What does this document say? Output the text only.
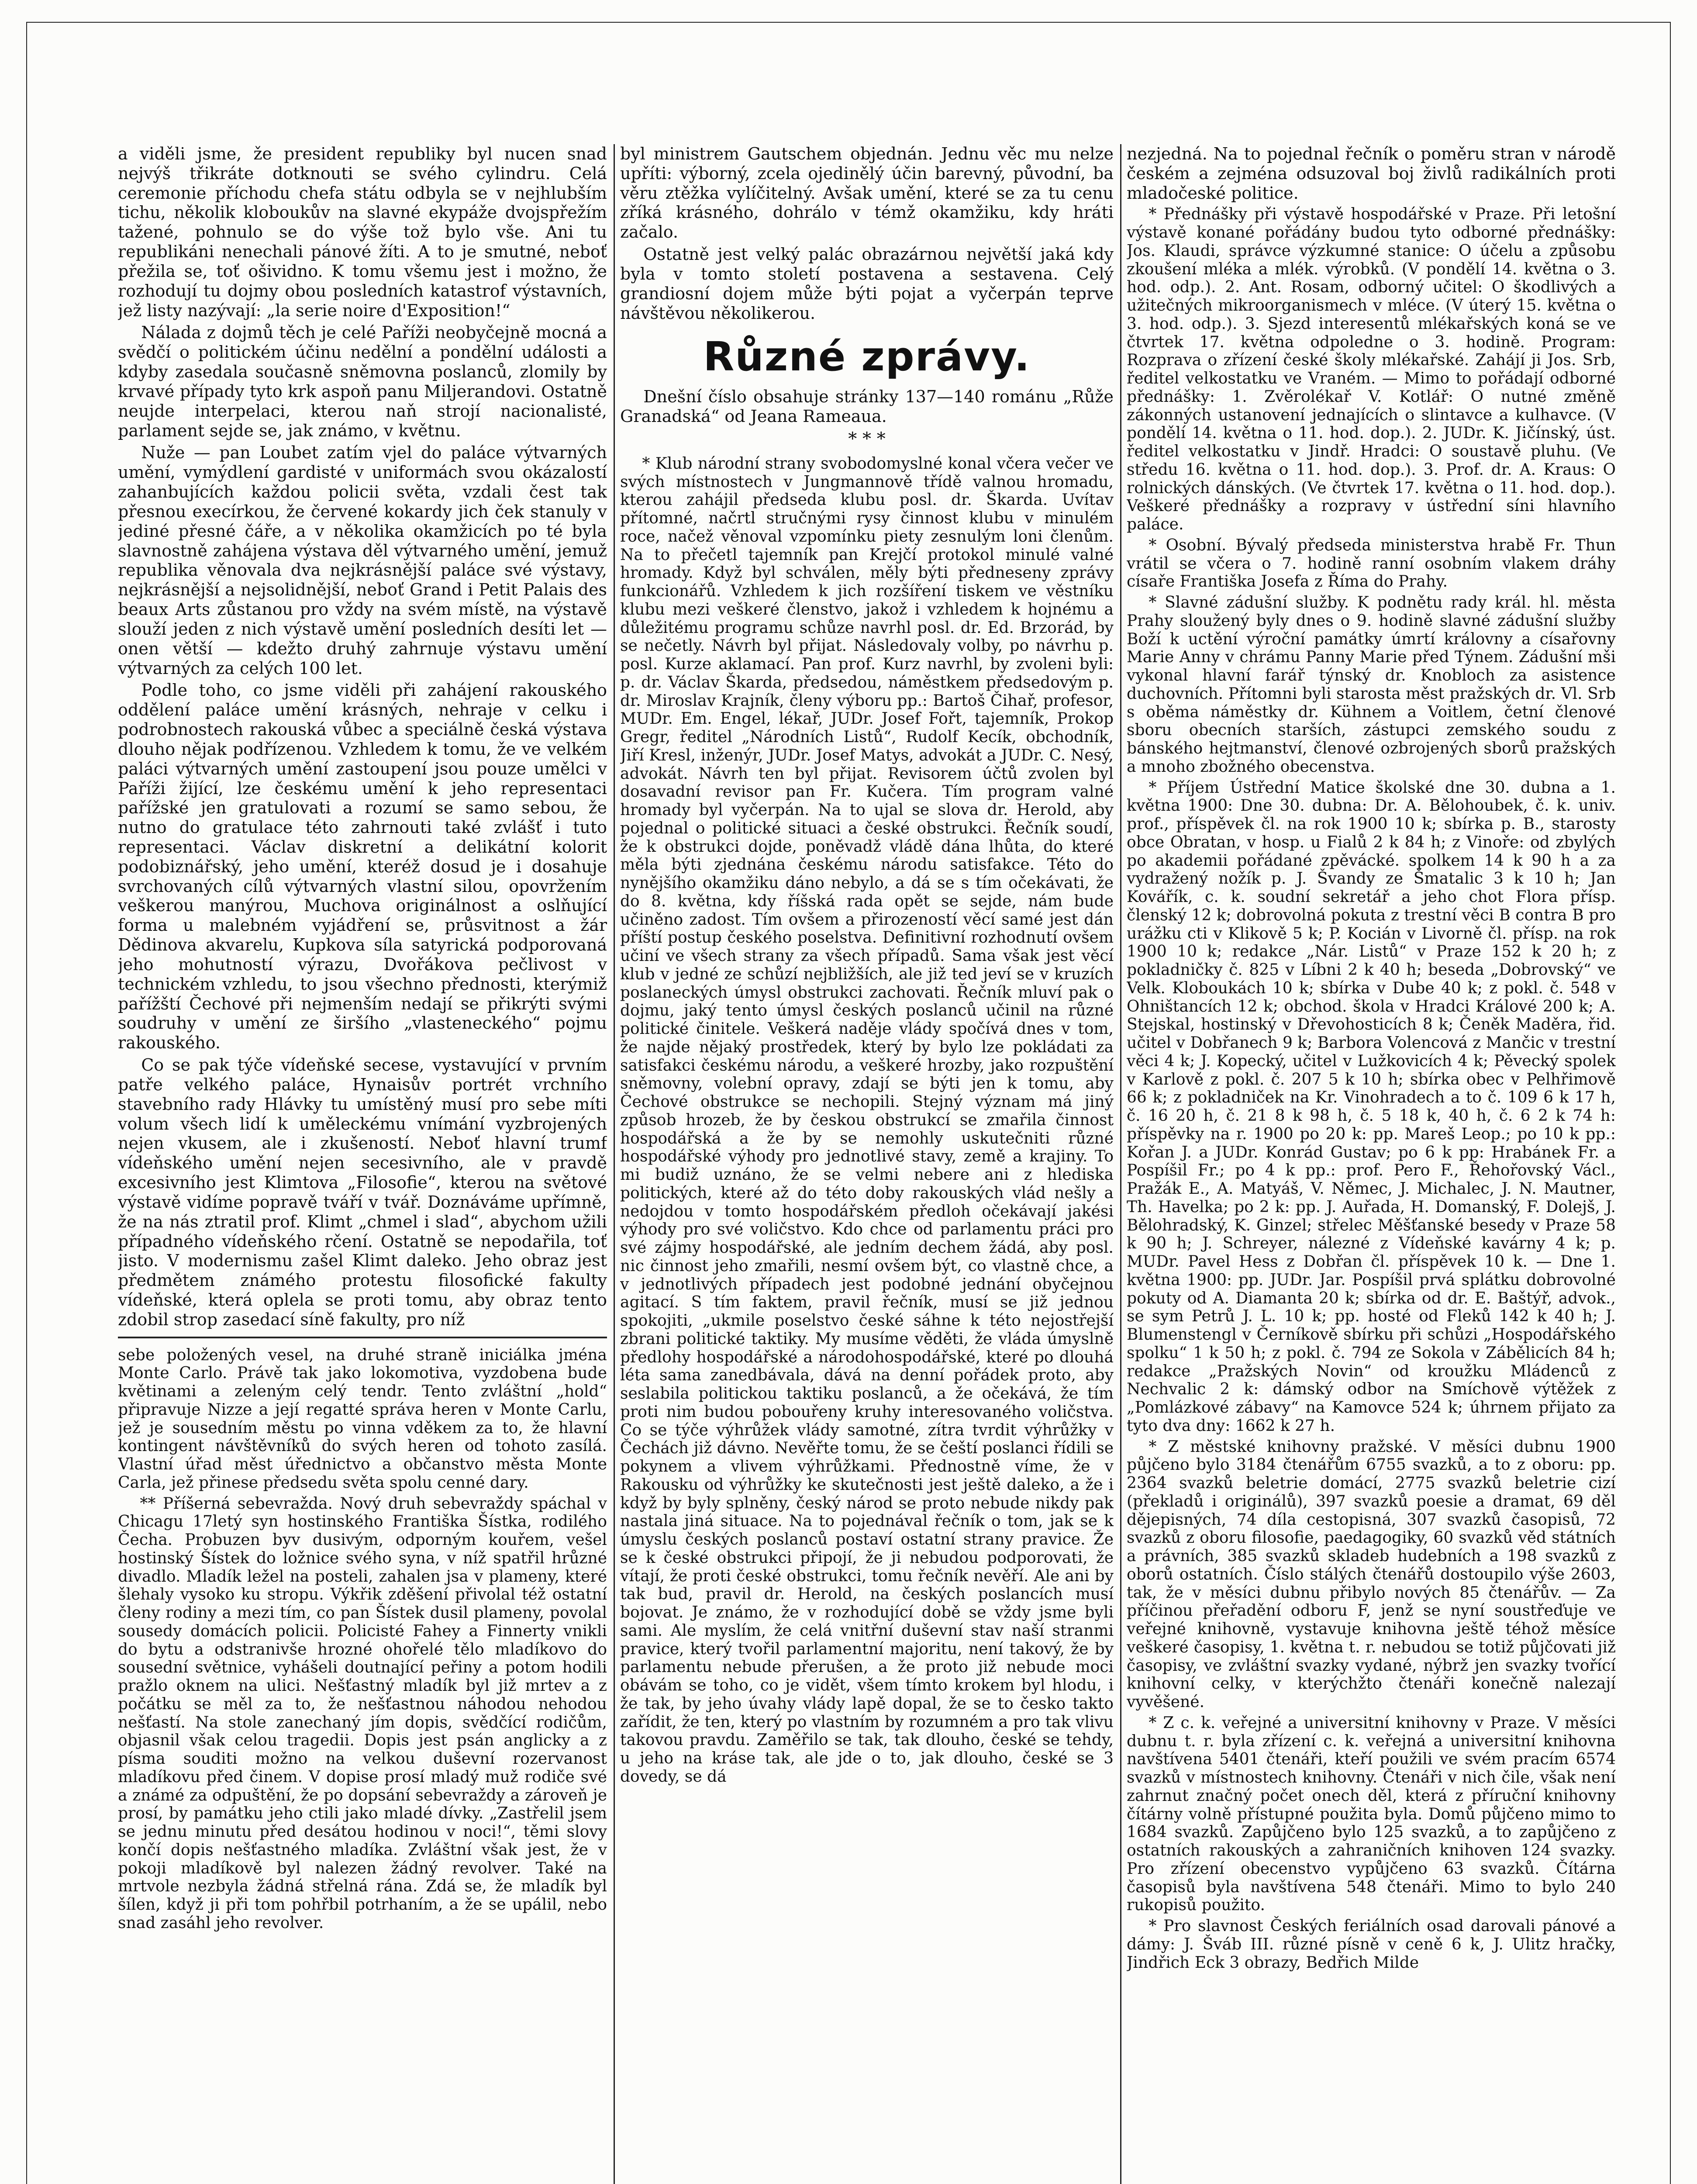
a viděli jsme, že president republiky byl nucen snad nejvýš třikráte dotknouti se svého cylindru. Celá ceremonie příchodu chefa státu odbyla se v nejhlubším tichu, několik kloboukův na slavné ekypáže dvojspřežím tažené, pohnulo se do výše tož bylo vše. Ani tu republikáni nenechali pánové žíti. A to je smutné, neboť přežila se, toť ošividno. K tomu všemu jest i možno, že rozhodují tu dojmy obou posledních katastrof výstavních, jež listy nazývají: „la serie noire d'Exposition!“

Nálada z dojmů těch je celé Paříži neobyčejně mocná a svědčí o politickém účinu nedělní a pondělní události a kdyby zasedala současně sněmovna poslanců, zlomily by krvavé případy tyto krk aspoň panu Miljerandovi. Ostatně neujde interpelaci, kterou naň strojí nacionalisté, parlament sejde se, jak známo, v květnu.

Nuže — pan Loubet zatím vjel do paláce výtvarných umění, vymýdlení gardisté v uniformách svou okázalostí zahanbujících každou policii světa, vzdali čest tak přesnou execírkou, že červené kokardy jich ček stanuly v jediné přesné čáře, a v několika okamžicích po té byla slavnostně zahájena výstava děl výtvarného umění, jemuž republika věnovala dva nejkrásnější paláce své výstavy, nejkrásnější a nejsolidnější, neboť Grand i Petit Palais des beaux Arts zůstanou pro vždy na svém místě, na výstavě slouží jeden z nich výstavě umění posledních desíti let — onen větší — kdežto druhý zahrnuje výstavu umění výtvarných za celých 100 let.

Podle toho, co jsme viděli při zahájení rakouského oddělení paláce umění krásných, nehraje v celku i podrobnostech rakouská vůbec a speciálně česká výstava dlouho nějak podřízenou. Vzhledem k tomu, že ve velkém paláci výtvarných umění zastoupení jsou pouze umělci v Paříži žijící, lze českému umění k jeho representaci pařížské jen gratulovati a rozumí se samo sebou, že nutno do gratulace této zahrnouti také zvlášť i tuto representaci. Václav diskretní a delikátní kolorit podobiznářský, jeho umění, kteréž dosud je i dosahuje svrchovaných cílů výtvarných vlastní silou, opovržením veškerou manýrou, Muchova originálnost a oslňující forma u malebném vyjádření se, průsvitnost a žár Dědinova akvarelu, Kupkova síla satyrická podporovaná jeho mohutností výrazu, Dvořákova pečlivost v technickém vzhledu, to jsou všechno přednosti, kterýmiž pařížští Čechové při nejmenším nedají se přikrýti svými soudruhy v umění ze širšího „vlasteneckého“ pojmu rakouského.

Co se pak týče vídeňské secese, vystavující v prvním patře velkého paláce, Hynaisův portrét vrchního stavebního rady Hlávky tu umístěný musí pro sebe míti volum všech lidí k uměleckému vnímání vyzbrojených nejen vkusem, ale i zkušeností. Neboť hlavní trumf vídeňského umění nejen secesivního, ale v pravdě excesivního jest Klimtova „Filosofie“, kterou na světové výstavě vidíme popravě tváří v tvář. Doznáváme upřímně, že na nás ztratil prof. Klimt „chmel i slad“, abychom užili případného vídeňského rčení. Ostatně se nepodařila, toť jisto. V modernismu zašel Klimt daleko. Jeho obraz jest předmětem známého protestu filosofické fakulty vídeňské, která oplela se proti tomu, aby obraz tento zdobil strop zasedací síně fakulty, pro níž

sebe položených vesel, na druhé straně iniciálka jména Monte Carlo. Právě tak jako lokomotiva, vyzdobena bude květinami a zeleným celý tendr. Tento zvláštní „hold“ připravuje Nizze a její regatté správa heren v Monte Carlu, jež je sousedním městu po vinna vděkem za to, že hlavní kontingent návštěvníků do svých heren od tohoto zasílá. Vlastní úřad měst úřednictvo a občanstvo města Monte Carla, jež přinese předsedu světa spolu cenné dary.

** Příšerná sebevražda. Nový druh sebevraždy spáchal v Chicagu 17letý syn hostinského Františka Šístka, rodilého Čecha. Probuzen byv dusivým, odporným kouřem, vešel hostinský Šístek do ložnice svého syna, v níž spatřil hrůzné divadlo. Mladík ležel na posteli, zahalen jsa v plameny, které šlehaly vysoko ku stropu. Výkřik zděšení přivolal též ostatní členy rodiny a mezi tím, co pan Šístek dusil plameny, povolal sousedy domácích policii. Policisté Fahey a Finnerty vnikli do bytu a odstranivše hrozné ohořelé tělo mladíkovo do sousední světnice, vyhášeli doutnající peřiny a potom hodili pražlo oknem na ulici. Nešťastný mladík byl již mrtev a z počátku se měl za to, že nešťastnou náhodou nehodou nešťastí. Na stole zanechaný jím dopis, svědčící rodičům, objasnil však celou tragedii. Dopis jest psán anglicky a z písma souditi možno na velkou duševní rozervanost mladíkovu před činem. V dopise prosí mladý muž rodiče své a známé za odpuštění, že po dopsání sebevraždy a zároveň je prosí, by památku jeho ctili jako mladé dívky. „Zastřelil jsem se jednu minutu před desátou hodinou v noci!“, těmi slovy končí dopis nešťastného mladíka. Zvláštní však jest, že v pokoji mladíkově byl nalezen žádný revolver. Také na mrtvole nezbyla žádná střelná rána. Zdá se, že mladík byl šílen, když ji při tom pohřbil potrhaním, a že se upálil, nebo snad zasáhl jeho revolver.

byl ministrem Gautschem objednán. Jednu věc mu nelze upříti: výborný, zcela ojedinělý účin barevný, původní, ba věru ztěžka vylíčitelný. Avšak umění, které se za tu cenu zříká krásného, dohrálo v témž okamžiku, kdy hráti začalo.

Ostatně jest velký palác obrazárnou největší jaká kdy byla v tomto století postavena a sestavena. Celý grandiosní dojem může býti pojat a vyčerpán teprve návštěvou několikerou.

Různé zprávy.

Dnešní číslo obsahuje stránky 137—140 románu „Růže Granadská“ od Jeana Rameaua.

* * *

* Klub národní strany svobodomyslné konal včera večer ve svých místnostech v Jungmannově třídě valnou hromadu, kterou zahájil předseda klubu posl. dr. Škarda. Uvítav přítomné, načrtl stručnými rysy činnost klubu v minulém roce, načež věnoval vzpomínku piety zesnulým loni členům. Na to přečetl tajemník pan Krejčí protokol minulé valné hromady. Když byl schválen, měly býti předneseny zprávy funkcionářů. Vzhledem k jich rozšíření tiskem ve věstníku klubu mezi veškeré členstvo, jakož i vzhledem k hojnému a důležitému programu schůze navrhl posl. dr. Ed. Brzorád, by se nečetly. Návrh byl přijat. Následovaly volby, po návrhu p. posl. Kurze aklamací. Pan prof. Kurz navrhl, by zvoleni byli: p. dr. Václav Škarda, předsedou, náměstkem předsedovým p. dr. Miroslav Krajník, členy výboru pp.: Bartoš Čihař, profesor, MUDr. Em. Engel, lékař, JUDr. Josef Fořt, tajemník, Prokop Gregr, ředitel „Národních Listů“, Rudolf Kecík, obchodník, Jiří Kresl, inženýr, JUDr. Josef Matys, advokát a JUDr. C. Nesý, advokát. Návrh ten byl přijat. Revisorem účtů zvolen byl dosavadní revisor pan Fr. Kučera. Tím program valné hromady byl vyčerpán. Na to ujal se slova dr. Herold, aby pojednal o politické situaci a české obstrukci. Řečník soudí, že k obstrukci dojde, poněvadž vládě dána lhůta, do které měla býti zjednána českému národu satisfakce. Této do nynějšího okamžiku dáno nebylo, a dá se s tím očekávati, že do 8. května, kdy říšská rada opět se sejde, nám bude učiněno zadost. Tím ovšem a přirozeností věcí samé jest dán příští postup českého poselstva. Definitivní rozhodnutí ovšem učiní ve všech strany za všech případů. Sama však jest věcí klub v jedné ze schůzí nejbližších, ale již ted jeví se v kruzích poslaneckých úmysl obstrukci zachovati. Řečník mluví pak o dojmu, jaký tento úmysl českých poslanců učinil na různé politické činitele. Veškerá naděje vlády spočívá dnes v tom, že najde nějaký prostředek, který by bylo lze pokládati za satisfakci českému národu, a veškeré hrozby, jako rozpuštění sněmovny, volební opravy, zdají se býti jen k tomu, aby Čechové obstrukce se nechopili. Stejný význam má jiný způsob hrozeb, že by českou obstrukcí se zmařila činnost hospodářská a že by se nemohly uskutečniti různé hospodářské výhody pro jednotlivé stavy, země a krajiny. To mi budiž uznáno, že se velmi nebere ani z hlediska politických, které až do této doby rakouských vlád nešly a nedojdou v tomto hospodářském předloh očekávají jakési výhody pro své voličstvo. Kdo chce od parlamentu práci pro své zájmy hospodářské, ale jedním dechem žádá, aby posl. nic činnost jeho zmařili, nesmí ovšem být, co vlastně chce, a v jednotlivých případech jest podobné jednání obyčejnou agitací. S tím faktem, pravil řečník, musí se již jednou spokojiti, „ukmile poselstvo české sáhne k této nejostřejší zbrani politické taktiky. My musíme věděti, že vláda úmyslně předlohy hospodářské a národohospodářské, které po dlouhá léta sama zanedbávala, dává na denní pořádek proto, aby seslabila politickou taktiku poslanců, a že očekává, že tím proti nim budou pobouřeny kruhy interesovaného voličstva. Co se týče výhrůžek vlády samotné, zítra tvrdit výhrůžky v Čechách již dávno. Nevěřte tomu, že se čeští poslanci řídili se pokynem a vlivem výhrůžkami. Přednostně víme, že v Rakousku od výhrůžky ke skutečnosti jest ještě daleko, a že i když by byly splněny, český národ se proto nebude nikdy pak nastala jiná situace. Na to pojednával řečník o tom, jak se k úmyslu českých poslanců postaví ostatní strany pravice. Že se k české obstrukci připojí, že ji nebudou podporovati, že vítají, že proti české obstrukci, tomu řečník nevěří. Ale ani by tak bud, pravil dr. Herold, na českých poslancích musí bojovat. Je známo, že v rozhodující době se vždy jsme byli sami. Ale myslím, že celá vnitřní duševní stav naší stranmi pravice, který tvořil parlamentní majoritu, není takový, že by parlamentu nebude přerušen, a že proto již nebude moci obávám se toho, co je vidět, všem tímto krokem byl hlodu, i že tak, by jeho úvahy vlády lapě dopal, že se to česko takto zařídit, že ten, který po vlastním by rozumném a pro tak vlivu takovou pravdu. Zaměřilo se tak, tak dlouho, české se tehdy, u jeho na kráse tak, ale jde o to, jak dlouho, české se 3 dovedy, se dá

nezjedná. Na to pojednal řečník o poměru stran v národě českém a zejména odsuzoval boj živlů radikálních proti mladočeské politice.

* Přednášky při výstavě hospodářské v Praze. Při letošní výstavě konané pořádány budou tyto odborné přednášky: Jos. Klaudi, správce výzkumné stanice: O účelu a způsobu zkoušení mléka a mlék. výrobků. (V pondělí 14. května o 3. hod. odp.). 2. Ant. Rosam, odborný učitel: O škodlivých a užitečných mikroorganismech v mléce. (V úterý 15. května o 3. hod. odp.). 3. Sjezd interesentů mlékařských koná se ve čtvrtek 17. května odpoledne o 3. hodině. Program: Rozprava o zřízení české školy mlékařské. Zahájí ji Jos. Srb, ředitel velkostatku ve Vraném. — Mimo to pořádají odborné přednášky: 1. Zvěrolékař V. Kotlář: O nutné změně zákonných ustanovení jednajících o slintavce a kulhavce. (V pondělí 14. května o 11. hod. dop.). 2. JUDr. K. Jičínský, úst. ředitel velkostatku v Jindř. Hradci: O soustavě pluhu. (Ve středu 16. května o 11. hod. dop.). 3. Prof. dr. A. Kraus: O rolnických dánských. (Ve čtvrtek 17. května o 11. hod. dop.). Veškeré přednášky a rozpravy v ústřední síni hlavního paláce.

* Osobní. Bývalý předseda ministerstva hrabě Fr. Thun vrátil se včera o 7. hodině ranní osobním vlakem dráhy císaře Františka Josefa z Říma do Prahy.

* Slavné zádušní služby. K podnětu rady král. hl. města Prahy sloužený byly dnes o 9. hodině slavné zádušní služby Boží k uctění výroční památky úmrtí královny a císařovny Marie Anny v chrámu Panny Marie před Týnem. Zádušní mši vykonal hlavní farář týnský dr. Knobloch za asistence duchovních. Přítomni byli starosta měst pražských dr. Vl. Srb s oběma náměstky dr. Kühnem a Voitlem, četní členové sboru obecních starších, zástupci zemského soudu z bánského hejtmanství, členové ozbrojených sborů pražských a mnoho zbožného obecenstva.

* Příjem Ústřední Matice školské dne 30. dubna a 1. května 1900: Dne 30. dubna: Dr. A. Bělohoubek, č. k. univ. prof., příspěvek čl. na rok 1900 10 k; sbírka p. B., starosty obce Obratan, v hosp. u Fialů 2 k 84 h; z Vinoře: od zbylých po akademii pořádané zpěvácké. spolkem 14 k 90 h a za vydražený nožík p. J. Švandy ze Šmatalic 3 k 10 h; Jan Kovářík, c. k. soudní sekretář a jeho chot Flora přísp. členský 12 k; dobrovolná pokuta z trestní věci B contra B pro urážku cti v Klikově 5 k; P. Kocián v Livorně čl. přísp. na rok 1900 10 k; redakce „Nár. Listů“ v Praze 152 k 20 h; z pokladničky č. 825 v Líbni 2 k 40 h; beseda „Dobrovský“ ve Velk. Kloboukách 10 k; sbírka v Dube 40 k; z pokl. č. 548 v Ohništancích 12 k; obchod. škola v Hradci Králové 200 k; A. Stejskal, hostinský v Dřevohosticích 8 k; Čeněk Maděra, řid. učitel v Dobřanech 9 k; Barbora Volencová z Mančic v trestní věci 4 k; J. Kopecký, učitel v Lužkovicích 4 k; Pěvecký spolek v Karlově z pokl. č. 207 5 k 10 h; sbírka obec v Pelhřimově 66 k; z pokladniček na Kr. Vinohradech a to č. 109 6 k 17 h, č. 16 20 h, č. 21 8 k 98 h, č. 5 18 k, 40 h, č. 6 2 k 74 h: příspěvky na r. 1900 po 20 k: pp. Mareš Leop.; po 10 k pp.: Kořan J. a JUDr. Konrád Gustav; po 6 k pp: Hrabánek Fr. a Pospíšil Fr.; po 4 k pp.: prof. Pero F., Řehořovský Václ., Pražák E., A. Matyáš, V. Němec, J. Michalec, J. N. Mautner, Th. Havelka; po 2 k: pp. J. Auřada, H. Domanský, F. Dolejš, J. Bělohradský, K. Ginzel; střelec Měšťanské besedy v Praze 58 k 90 h; J. Schreyer, nálezné z Vídeňské kavárny 4 k; p. MUDr. Pavel Hess z Dobřan čl. příspěvek 10 k. — Dne 1. května 1900: pp. JUDr. Jar. Pospíšil prvá splátku dobrovolné pokuty od A. Diamanta 20 k; sbírka od dr. E. Baštýř, advok., se sym Petrů J. L. 10 k; pp. hosté od Fleků 142 k 40 h; J. Blumenstengl v Černíkově sbírku při schůzi „Hospodářského spolku“ 1 k 50 h; z pokl. č. 794 ze Sokola v Zábělicích 84 h; redakce „Pražských Novin“ od kroužku Mládenců z Nechvalic 2 k: dámský odbor na Smíchově výtěžek z „Pomlázkové zábavy“ na Kamovce 524 k; úhrnem přijato za tyto dva dny: 1662 k 27 h.

* Z městské knihovny pražské. V měsíci dubnu 1900 půjčeno bylo 3184 čtenářům 6755 svazků, a to z oboru: pp. 2364 svazků beletrie domácí, 2775 svazků beletrie cizí (překladů i originálů), 397 svazků poesie a dramat, 69 děl dějepisných, 74 díla cestopisná, 307 svazků časopisů, 72 svazků z oboru filosofie, paedagogiky, 60 svazků věd státních a právních, 385 svazků skladeb hudebních a 198 svazků z oborů ostatních. Číslo stálých čtenářů dostoupilo výše 2603, tak, že v měsíci dubnu přibylo nových 85 čtenářův. — Za příčinou přeřadění odboru F, jenž se nyní soustřeďuje ve veřejné knihovně, vystavuje knihovna ještě téhož měsíce veškeré časopisy, 1. května t. r. nebudou se totiž půjčovati již časopisy, ve zvláštní svazky vydané, nýbrž jen svazky tvořící knihovní celky, v kterýchžto čtenáři konečně nalezají vyvěšené.

* Z c. k. veřejné a universitní knihovny v Praze. V měsíci dubnu t. r. byla zřízení c. k. veřejná a universitní knihovna navštívena 5401 čtenáři, kteří použili ve svém pracím 6574 svazků v místnostech knihovny. Čtenáři v nich čile, však není zahrnut značný počet onech děl, která z příruční knihovny čítárny volně přístupné použita byla. Domů půjčeno mimo to 1684 svazků. Zapůjčeno bylo 125 svazků, a to zapůjčeno z ostatních rakouských a zahraničních knihoven 124 svazky. Pro zřízení obecenstvo vypůjčeno 63 svazků. Čítárna časopisů byla navštívena 548 čtenáři. Mimo to bylo 240 rukopisů použito.

* Pro slavnost Českých feriálních osad darovali pánové a dámy: J. Šváb III. různé písně v ceně 6 k, J. Ulitz hračky, Jindřich Eck 3 obrazy, Bedřich Milde
